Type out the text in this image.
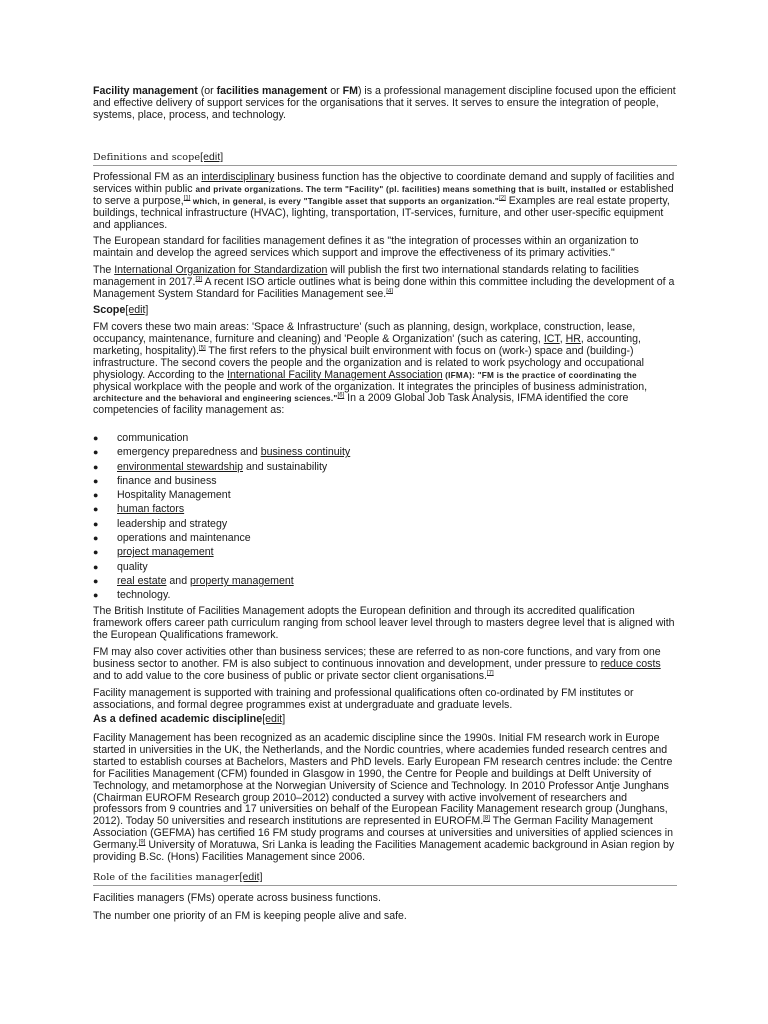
Facility management (or facilities management or FM) is a professional management discipline focused upon the efficient and effective delivery of support services for the organisations that it serves. It serves to ensure the integration of people, systems, place, process, and technology.

Definitions and scope[edit]

Professional FM as an interdisciplinary business function has the objective to coordinate demand and supply of facilities and services within public and private organizations. The term "Facility" (pl. facilities) means something that is built, installed or established to serve a purpose,[1] which, in general, is every "Tangible asset that supports an organization."[2] Examples are real estate property, buildings, technical infrastructure (HVAC), lighting, transportation, IT-services, furniture, and other user-specific equipment and appliances.

The European standard for facilities management defines it as "the integration of processes within an organization to maintain and develop the agreed services which support and improve the effectiveness of its primary activities."

The International Organization for Standardization will publish the first two international standards relating to facilities management in 2017.[3] A recent ISO article outlines what is being done within this committee including the development of a Management System Standard for Facilities Management see.[4]

Scope[edit]

FM covers these two main areas: 'Space & Infrastructure' (such as planning, design, workplace, construction, lease, occupancy, maintenance, furniture and cleaning) and 'People & Organization' (such as catering, ICT, HR, accounting, marketing, hospitality).[5] The first refers to the physical built environment with focus on (work-) space and (building-) infrastructure. The second covers the people and the organization and is related to work psychology and occupational physiology. According to the International Facility Management Association (IFMA): "FM is the practice of coordinating the physical workplace with the people and work of the organization. It integrates the principles of business administration, architecture and the behavioral and engineering sciences."[6] In a 2009 Global Job Task Analysis, IFMA identified the core competencies of facility management as:

● communication
● emergency preparedness and business continuity
● environmental stewardship and sustainability
● finance and business
● Hospitality Management
● human factors
● leadership and strategy
● operations and maintenance
● project management
● quality
● real estate and property management
● technology.

The British Institute of Facilities Management adopts the European definition and through its accredited qualification framework offers career path curriculum ranging from school leaver level through to masters degree level that is aligned with the European Qualifications framework.

FM may also cover activities other than business services; these are referred to as non-core functions, and vary from one business sector to another. FM is also subject to continuous innovation and development, under pressure to reduce costs and to add value to the core business of public or private sector client organisations.[7]

Facility management is supported with training and professional qualifications often co-ordinated by FM institutes or associations, and formal degree programmes exist at undergraduate and graduate levels.

As a defined academic discipline[edit]

Facility Management has been recognized as an academic discipline since the 1990s. Initial FM research work in Europe started in universities in the UK, the Netherlands, and the Nordic countries, where academies funded research centres and started to establish courses at Bachelors, Masters and PhD levels. Early European FM research centres include: the Centre for Facilities Management (CFM) founded in Glasgow in 1990, the Centre for People and buildings at Delft University of Technology, and metamorphose at the Norwegian University of Science and Technology. In 2010 Professor Antje Junghans (Chairman EUROFM Research group 2010–2012) conducted a survey with active involvement of researchers and professors from 9 countries and 17 universities on behalf of the European Facility Management research group (Junghans, 2012). Today 50 universities and research institutions are represented in EUROFM.[8] The German Facility Management Association (GEFMA) has certified 16 FM study programs and courses at universities and universities of applied sciences in Germany.[9] University of Moratuwa, Sri Lanka is leading the Facilities Management academic background in Asian region by providing B.Sc. (Hons) Facilities Management since 2006.

Role of the facilities manager[edit]

Facilities managers (FMs) operate across business functions.

The number one priority of an FM is keeping people alive and safe.
